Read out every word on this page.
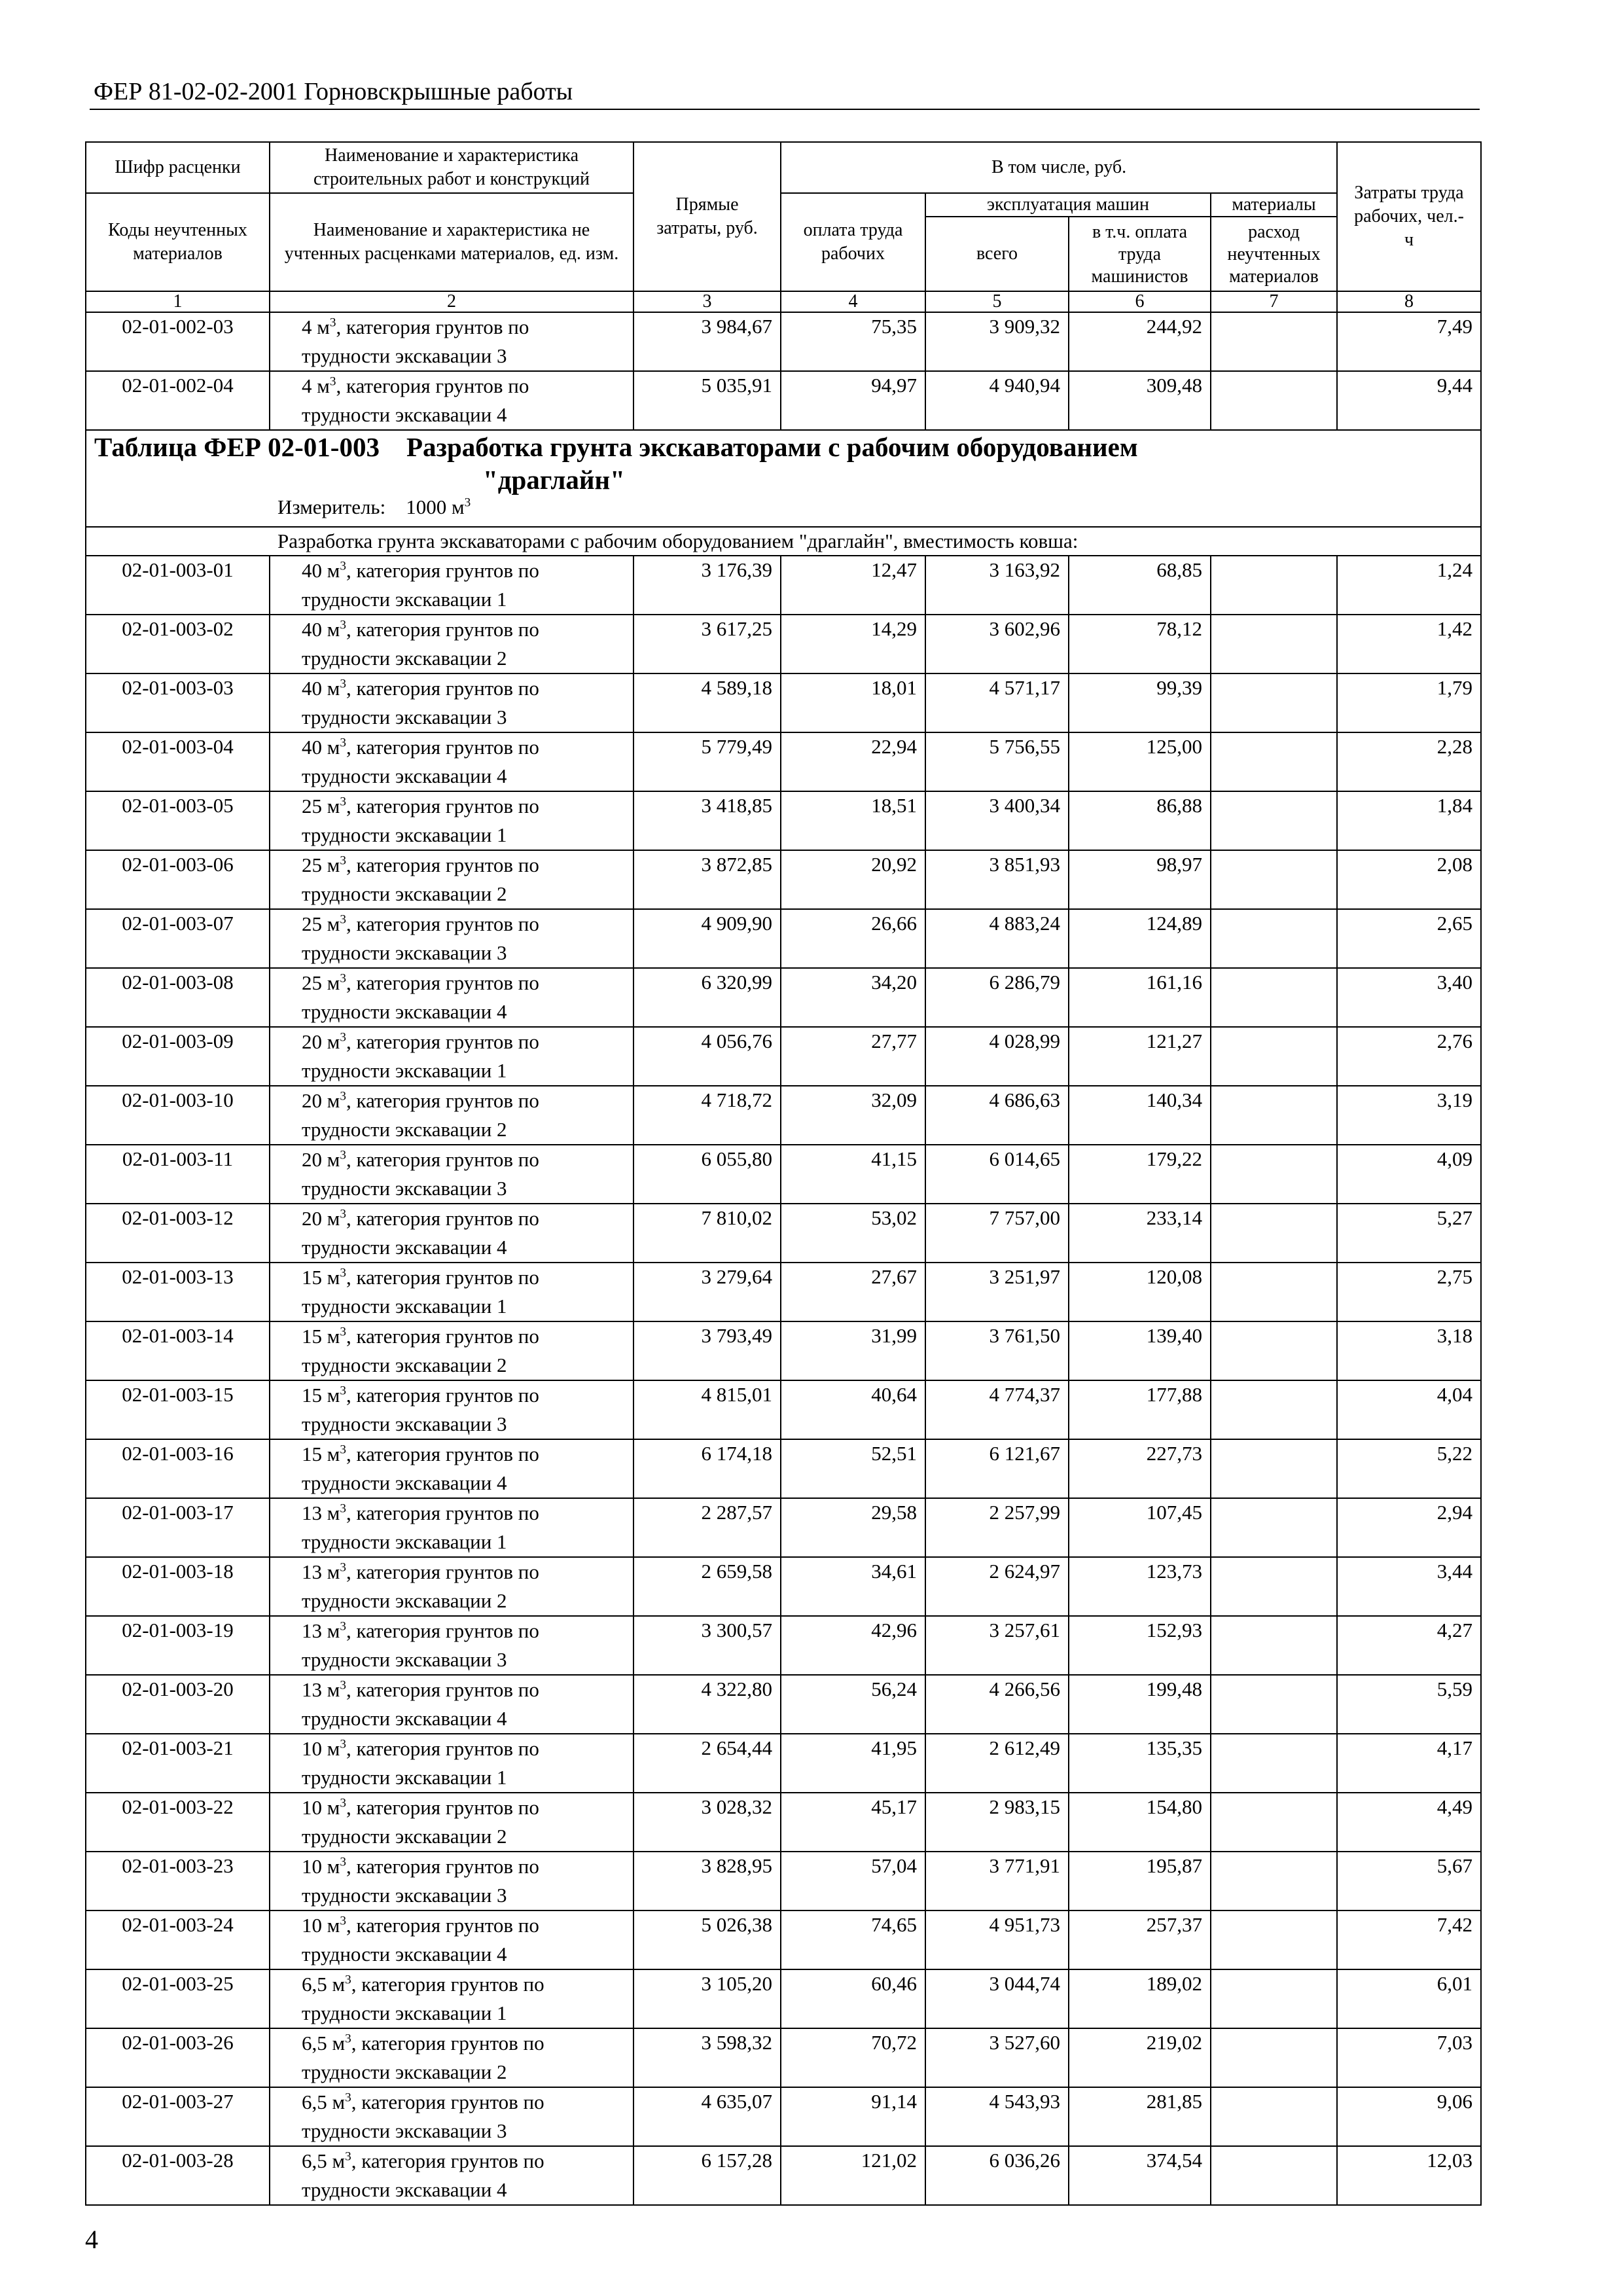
ФЕР 81-02-02-2001 Горновскрышные работы
Шифр расценки	Наименование и характеристика строительных работ и конструкций	Прямые затраты, руб.	В том числе, руб.				Затраты труда рабочих, чел.-ч
Коды неучтенных материалов	Наименование и характеристика не учтенных расценками материалов, ед. изм.		оплата труда рабочих	эксплуатация машин		материалы	
				всего	в т.ч. оплата труда машинистов	расход неучтенных материалов	
1	2	3	4	5	6	7	8
02-01-002-03	4 $м^3$, категория грунтов по
трудности экскавации 3	3 984,67	75,35	3 909,32	244,92		7,49
02-01-002-04	4 $м^3$, категория грунтов по
трудности экскавации 4	5 035,91	94,97	4 940,94	309,48		9,44

Таблица ФЕР 02-01-003 Разработка грунта экскаваторами с рабочим оборудованием
"драглайн"
Измеритель: 1000 $м^3$

Разработка грунта экскаваторами с рабочим оборудованием "драглайн", вместимость ковша:							

02-01-003-01	40 $м^3$, категория грунтов по
трудности экскавации 1	3 176,39	12,47	3 163,92	68,85		1,24
02-01-003-02	40 $м^3$, категория грунтов по
трудности экскавации 2	3 617,25	14,29	3 602,96	78,12		1,42
02-01-003-03	40 $м^3$, категория грунтов по
трудности экскавации 3	4 589,18	18,01	4 571,17	99,39		1,79
02-01-003-04	40 $м^3$, категория грунтов по
трудности экскавации 4	5 779,49	22,94	5 756,55	125,00		2,28
02-01-003-05	25 $м^3$, категория грунтов по
трудности экскавации 1	3 418,85	18,51	3 400,34	86,88		1,84
02-01-003-06	25 $м^3$, категория грунтов по
трудности экскавации 2	3 872,85	20,92	3 851,93	98,97		2,08
02-01-003-07	25 $м^3$, категория грунтов по
трудности экскавации 3	4 909,90	26,66	4 883,24	124,89		2,65
02-01-003-08	25 $м^3$, категория грунтов по
трудности экскавации 4	6 320,99	34,20	6 286,79	161,16		3,40
02-01-003-09	20 $м^3$, категория грунтов по
трудности экскавации 1	4 056,76	27,77	4 028,99	121,27		2,76
02-01-003-10	20 $м^3$, категория грунтов по
трудности экскавации 2	4 718,72	32,09	4 686,63	140,34		3,19
02-01-003-11	20 $м^3$, категория грунтов по
трудности экскавации 3	6 055,80	41,15	6 014,65	179,22		4,09
02-01-003-12	20 $м^3$, категория грунтов по
трудности экскавации 4	7 810,02	53,02	7 757,00	233,14		5,27
02-01-003-13	15 $м^3$, категория грунтов по
трудности экскавации 1	3 279,64	27,67	3 251,97	120,08		2,75
02-01-003-14	15 $м^3$, категория грунтов по
трудности экскавации 2	3 793,49	31,99	3 761,50	139,40		3,18
02-01-003-15	15 $м^3$, категория грунтов по
трудности экскавации 3	4 815,01	40,64	4 774,37	177,88		4,04
02-01-003-16	15 $м^3$, категория грунтов по
трудности экскавации 4	6 174,18	52,51	6 121,67	227,73		5,22
02-01-003-17	13 $м^3$, категория грунтов по
трудности экскавации 1	2 287,57	29,58	2 257,99	107,45		2,94
02-01-003-18	13 $м^3$, категория грунтов по
трудности экскавации 2	2 659,58	34,61	2 624,97	123,73		3,44
02-01-003-19	13 $м^3$, категория грунтов по
трудности экскавации 3	3 300,57	42,96	3 257,61	152,93		4,27
02-01-003-20	13 $м^3$, категория грунтов по
трудности экскавации 4	4 322,80	56,24	4 266,56	199,48		5,59
02-01-003-21	10 $м^3$, категория грунтов по
трудности экскавации 1	2 654,44	41,95	2 612,49	135,35		4,17
02-01-003-22	10 $м^3$, категория грунтов по
трудности экскавации 2	3 028,32	45,17	2 983,15	154,80		4,49
02-01-003-23	10 $м^3$, категория грунтов по
трудности экскавации 3	3 828,95	57,04	3 771,91	195,87		5,67
02-01-003-24	10 $м^3$, категория грунтов по
трудности экскавации 4	5 026,38	74,65	4 951,73	257,37		7,42
02-01-003-25	6,5 $м^3$, категория грунтов по
трудности экскавации 1	3 105,20	60,46	3 044,74	189,02		6,01
02-01-003-26	6,5 $м^3$, категория грунтов по
трудности экскавации 2	3 598,32	70,72	3 527,60	219,02		7,03
02-01-003-27	6,5 $м^3$, категория грунтов по
трудности экскавации 3	4 635,07	91,14	4 543,93	281,85		9,06
02-01-003-28	6,5 $м^3$, категория грунтов по
трудности экскавации 4	6 157,28	121,02	6 036,26	374,54		12,03
4
